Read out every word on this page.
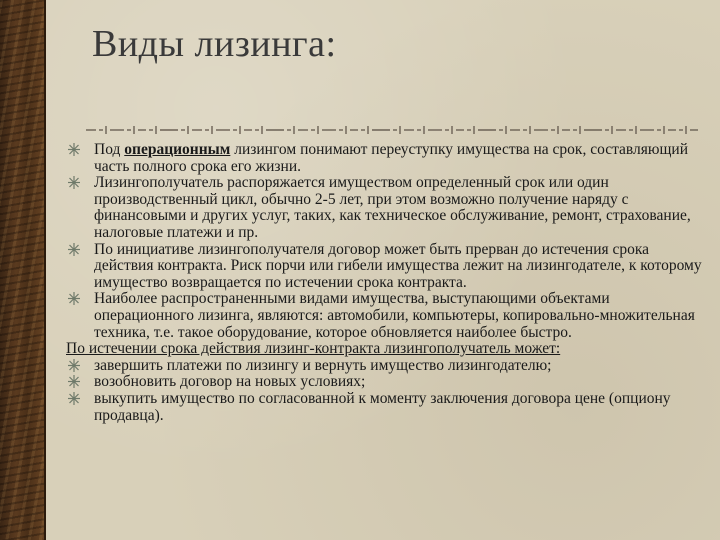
Виды лизинга:
Под операционным лизингом понимают переуступку имущества на срок, составляющий часть полного срока его жизни.
Лизингополучатель распоряжается имуществом определенный срок или один производственный цикл, обычно 2-5 лет, при этом возможно получение наряду с финансовыми и других услуг, таких, как техническое обслуживание, ремонт, страхование, налоговые платежи и пр.
По инициативе лизингополучателя договор может быть прерван до истечения срока действия контракта. Риск порчи или гибели имущества лежит на лизингодателе, к которому имущество возвращается по истечении срока контракта.
Наиболее распространенными видами имущества, выступающими объектами операционного лизинга, являются: автомобили, компьютеры, копировально-множительная техника, т.е. такое оборудование, которое обновляется наиболее быстро.

По истечении срока действия лизинг-контракта лизингополучатель может:

завершить платежи по лизингу и вернуть имущество лизингодателю;
возобновить договор на новых условиях;
выкупить имущество по согласованной к моменту заключения договора цене (опциону продавца).
